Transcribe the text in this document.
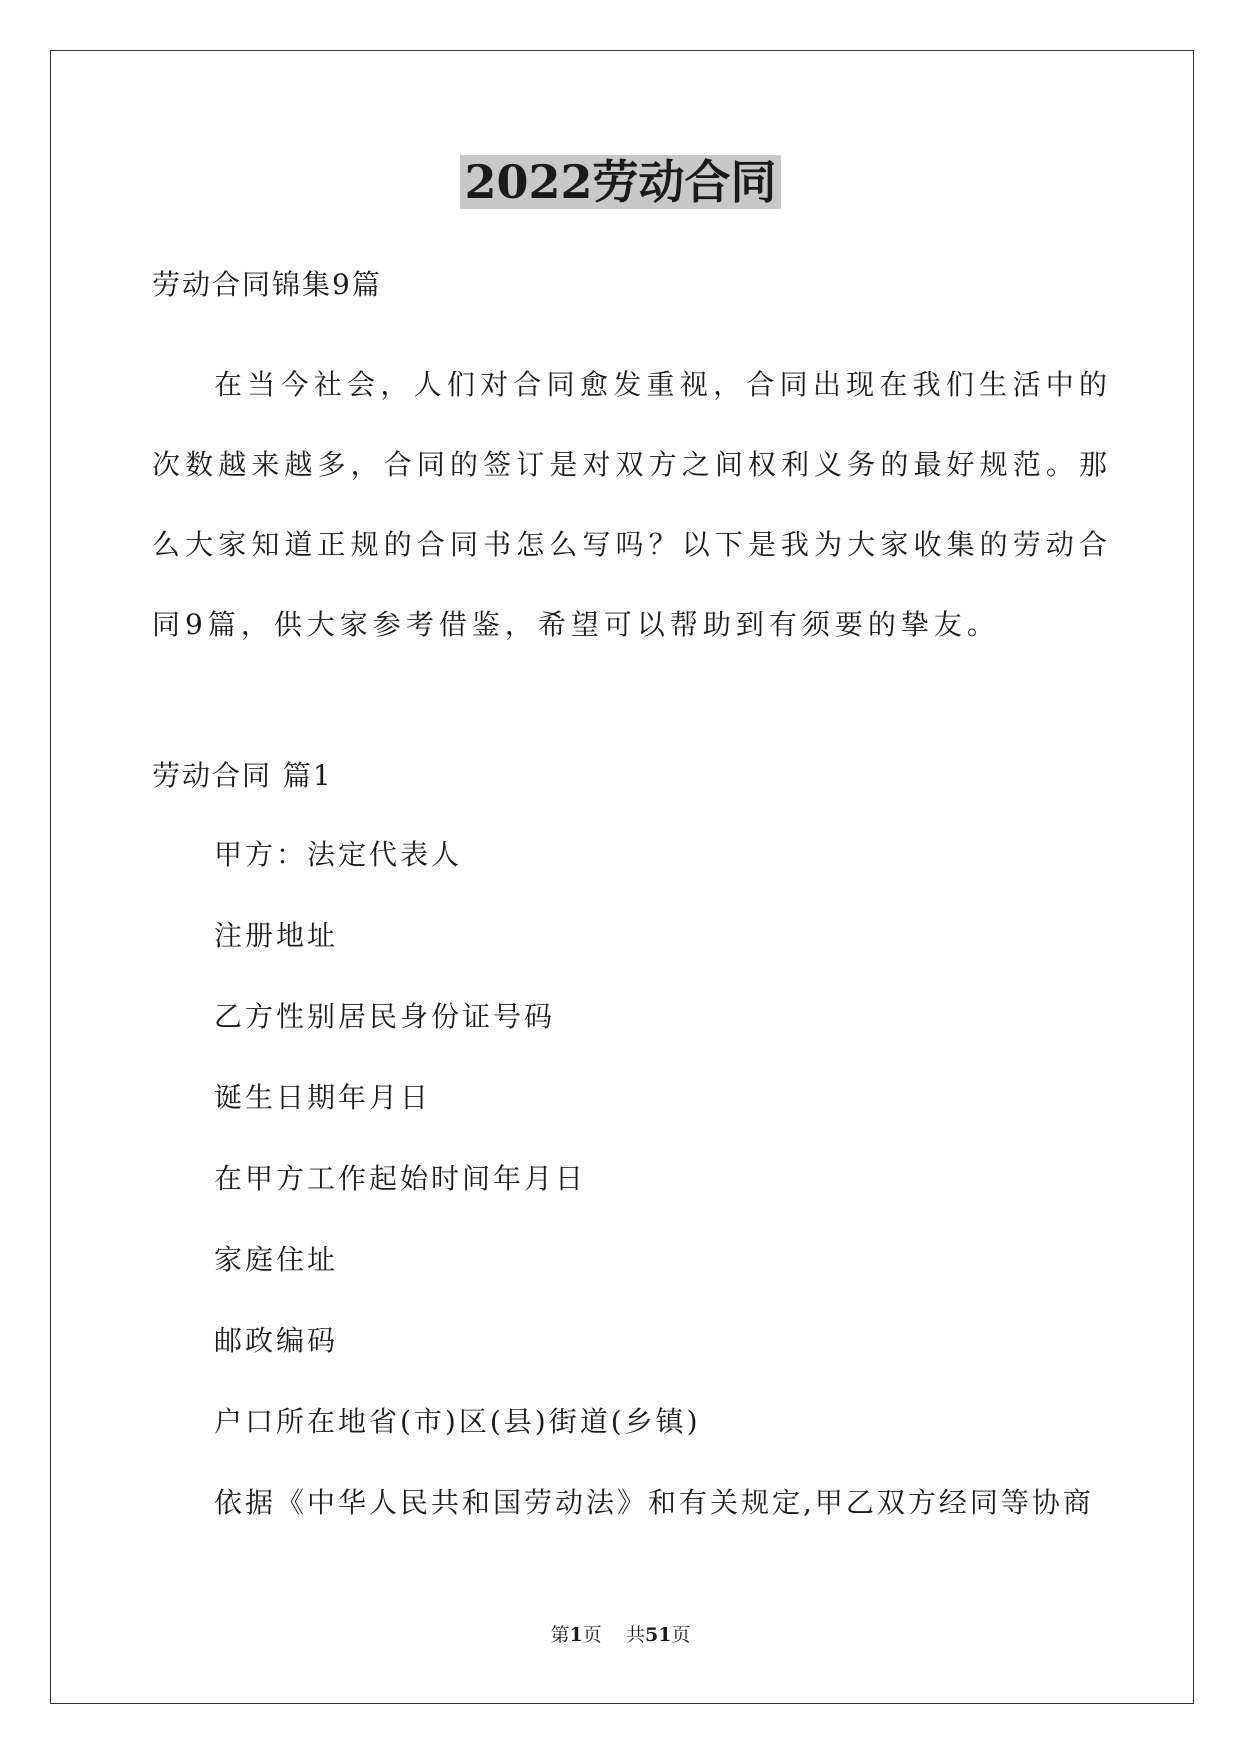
2022劳动合同
劳动合同锦集9篇

在当今社会，人们对合同愈发重视，合同出现在我们生活中的次数越来越多，合同的签订是对双方之间权利义务的最好规范。那么大家知道正规的合同书怎么写吗？以下是我为大家收集的劳动合同9篇，供大家参考借鉴，希望可以帮助到有须要的挚友。

劳动合同 篇1
甲方：法定代表人
注册地址
乙方性别居民身份证号码
诞生日期年月日
在甲方工作起始时间年月日
家庭住址
邮政编码
户口所在地省(市)区(县)街道(乡镇)
依据《中华人民共和国劳动法》和有关规定,甲乙双方经同等协商
第1页 共51页
